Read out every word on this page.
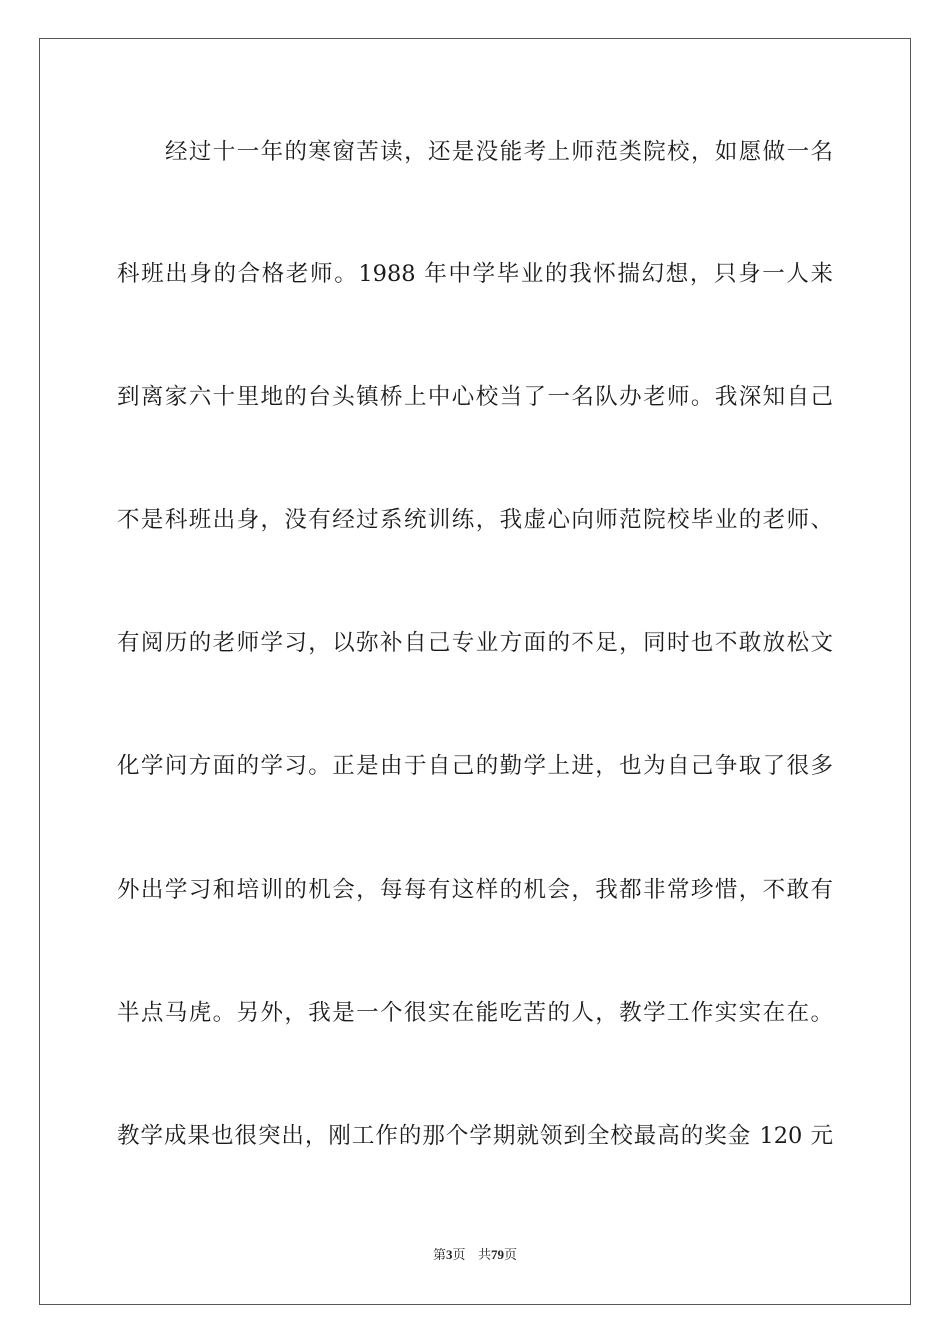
经过十一年的寒窗苦读，还是没能考上师范类院校，如愿做一名
科班出身的合格老师。1988 年中学毕业的我怀揣幻想，只身一人来
到离家六十里地的台头镇桥上中心校当了一名队办老师。我深知自己
不是科班出身，没有经过系统训练，我虚心向师范院校毕业的老师、
有阅历的老师学习，以弥补自己专业方面的不足，同时也不敢放松文
化学问方面的学习。正是由于自己的勤学上进，也为自己争取了很多
外出学习和培训的机会，每每有这样的机会，我都非常珍惜，不敢有
半点马虎。另外，我是一个很实在能吃苦的人，教学工作实实在在。
教学成果也很突出，刚工作的那个学期就领到全校最高的奖金 120 元
第3页 共79页
